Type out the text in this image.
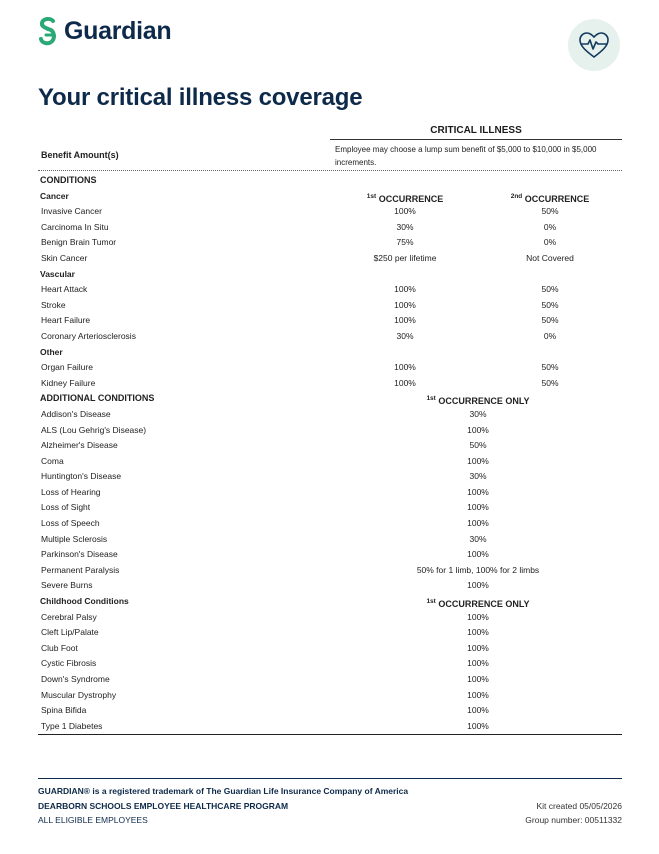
Guardian
Your critical illness coverage
CRITICAL ILLNESS
Benefit Amount(s)
Employee may choose a lump sum benefit of $5,000 to $10,000 in $5,000 increments.
CONDITIONS
Cancer	$^{1st}$ OCCURRENCE	$^{2nd}$ OCCURRENCE
Invasive Cancer	100%	50%
Carcinoma In Situ	30%	0%
Benign Brain Tumor	75%	0%
Skin Cancer	$250 per lifetime	Not Covered
Vascular
Heart Attack	100%	50%
Stroke	100%	50%
Heart Failure	100%	50%
Coronary Arteriosclerosis	30%	0%
Other
Organ Failure	100%	50%
Kidney Failure	100%	50%
ADDITIONAL CONDITIONS	$^{1st}$ OCCURRENCE ONLY
Addison's Disease	30%
ALS (Lou Gehrig's Disease)	100%
Alzheimer's Disease	50%
Coma	100%
Huntington's Disease	30%
Loss of Hearing	100%
Loss of Sight	100%
Loss of Speech	100%
Multiple Sclerosis	30%
Parkinson's Disease	100%
Permanent Paralysis	50% for 1 limb, 100% for 2 limbs
Severe Burns	100%
Childhood Conditions	$^{1st}$ OCCURRENCE ONLY
Cerebral Palsy	100%
Cleft Lip/Palate	100%
Club Foot	100%
Cystic Fibrosis	100%
Down's Syndrome	100%
Muscular Dystrophy	100%
Spina Bifida	100%
Type 1 Diabetes	100%
GUARDIAN® is a registered trademark of The Guardian Life Insurance Company of America
DEARBORN SCHOOLS EMPLOYEE HEALTHCARE PROGRAM
ALL ELIGIBLE EMPLOYEES
Kit created 05/05/2026
Group number: 00511332
